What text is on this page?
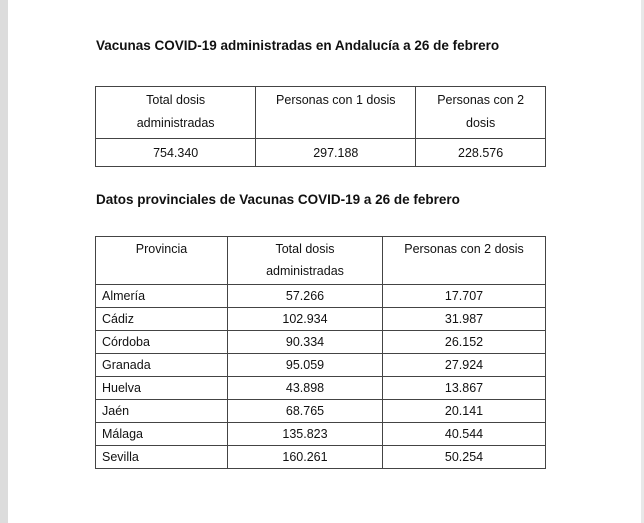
Vacunas COVID-19 administradas en Andalucía a 26 de febrero
Total dosis administradas	Personas con 1 dosis	Personas con 2 dosis

754.340	297.188	228.576
Datos provinciales de Vacunas COVID-19 a 26 de febrero
Provincia	Total dosis administradas	Personas con 2 dosis
Almería	57.266	17.707
Cádiz	102.934	31.987
Córdoba	90.334	26.152
Granada	95.059	27.924
Huelva	43.898	13.867
Jaén	68.765	20.141
Málaga	135.823	40.544
Sevilla	160.261	50.254
